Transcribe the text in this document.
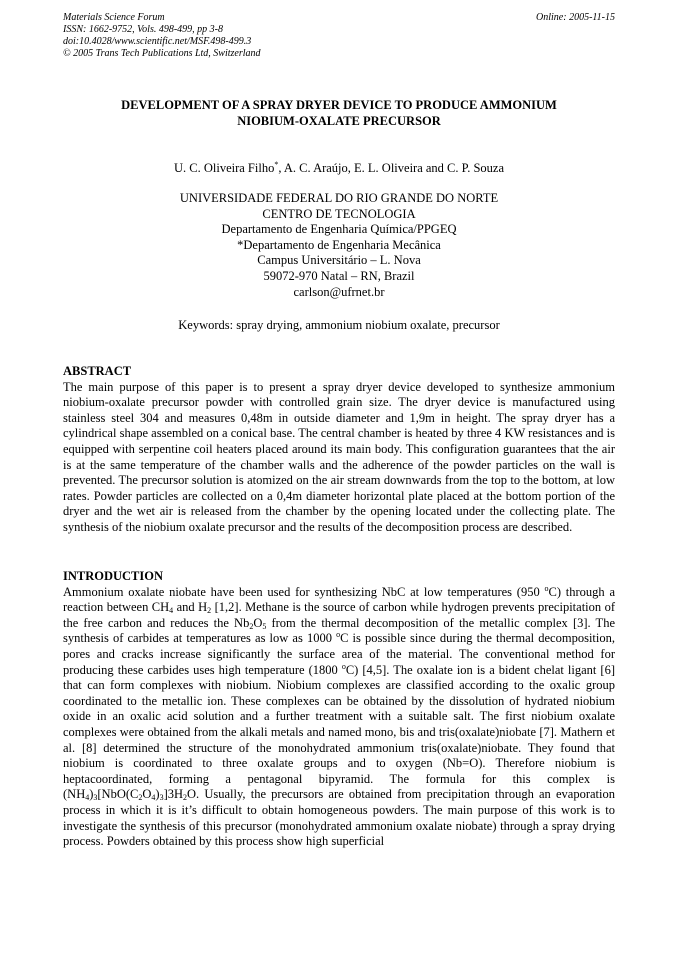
Materials Science Forum
ISSN: 1662-9752, Vols. 498-499, pp 3-8
doi:10.4028/www.scientific.net/MSF.498-499.3
© 2005 Trans Tech Publications Ltd, Switzerland
Online: 2005-11-15
DEVELOPMENT OF A SPRAY DRYER DEVICE TO PRODUCE AMMONIUM
NIOBIUM-OXALATE PRECURSOR
U. C. Oliveira Filho*, A. C. Araújo, E. L. Oliveira and C. P. Souza
UNIVERSIDADE FEDERAL DO RIO GRANDE DO NORTE
CENTRO DE TECNOLOGIA
Departamento de Engenharia Química/PPGEQ
*Departamento de Engenharia Mecânica
Campus Universitário – L. Nova
59072-970 Natal – RN, Brazil
carlson@ufrnet.br
Keywords: spray drying, ammonium niobium oxalate, precursor
ABSTRACT

The main purpose of this paper is to present a spray dryer device developed to synthesize ammonium niobium-oxalate precursor powder with controlled grain size. The dryer device is manufactured using stainless steel 304 and measures 0,48m in outside diameter and 1,9m in height. The spray dryer has a cylindrical shape assembled on a conical base. The central chamber is heated by three 4 KW resistances and is equipped with serpentine coil heaters placed around its main body. This configuration guarantees that the air is at the same temperature of the chamber walls and the adherence of the powder particles on the wall is prevented. The precursor solution is atomized on the air stream downwards from the top to the bottom, at low rates. Powder particles are collected on a 0,4m diameter horizontal plate placed at the bottom portion of the dryer and the wet air is released from the chamber by the opening located under the collecting plate. The synthesis of the niobium oxalate precursor and the results of the decomposition process are described.

INTRODUCTION

Ammonium oxalate niobate have been used for synthesizing NbC at low temperatures (950 $^o$C) through a reaction between $CH_4$ and $H_2$ [1,2]. Methane is the source of carbon while hydrogen prevents precipitation of the free carbon and reduces the $Nb_2O_5$ from the thermal decomposition of the metallic complex [3]. The synthesis of carbides at temperatures as low as 1000 $^o$C is possible since during the thermal decomposition, pores and cracks increase significantly the surface area of the material. The conventional method for producing these carbides uses high temperature (1800 $^o$C) [4,5]. The oxalate ion is a bident chelat ligant [6] that can form complexes with niobium. Niobium complexes are classified according to the oxalic group coordinated to the metallic ion. These complexes can be obtained by the dissolution of hydrated niobium oxide in an oxalic acid solution and a further treatment with a suitable salt. The first niobium oxalate complexes were obtained from the alkali metals and named mono, bis and tris(oxalate)niobate [7]. Mathern et al. [8] determined the structure of the monohydrated ammonium tris(oxalate)niobate. They found that niobium is coordinated to three oxalate groups and to oxygen (Nb=O). Therefore niobium is heptacoordinated, forming a pentagonal bipyramid. The formula for this complex is $(NH_4)_3[NbO(C_2O_4)_3]3H_2O$. Usually, the precursors are obtained from precipitation through an evaporation process in which it is it’s difficult to obtain homogeneous powders. The main purpose of this work is to investigate the synthesis of this precursor (monohydrated ammonium oxalate niobate) through a spray drying process. Powders obtained by this process show high superficial
